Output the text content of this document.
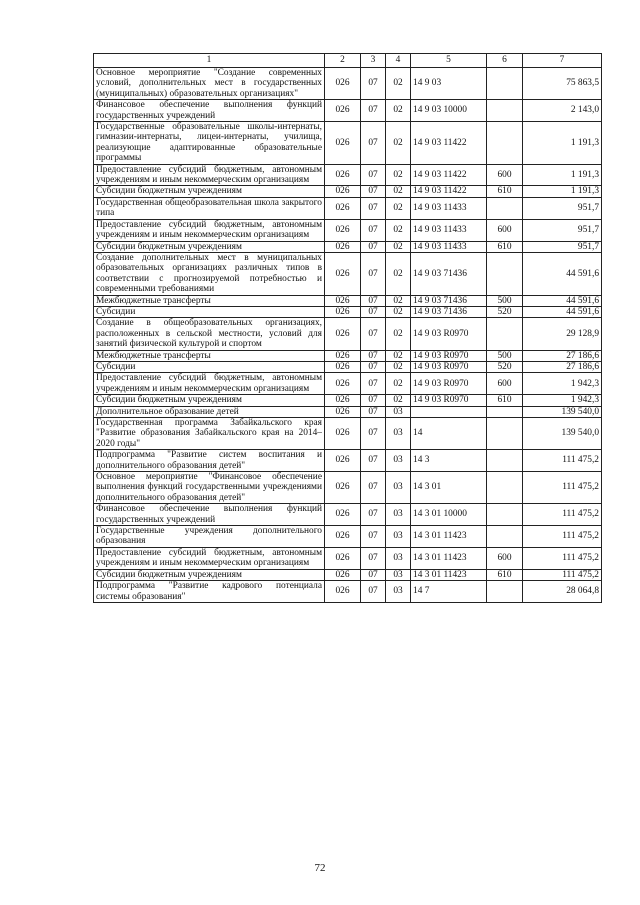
1	2	3	4	5	6	7
Основное мероприятие "Создание современных условий, дополнительных мест в государственных (муниципальных) образовательных организациях"	026	07	02	14 9 03		75 863,5
Финансовое обеспечение выполнения функций государственных учреждений	026	07	02	14 9 03 10000		2 143,0
Государственные образовательные школы-интернаты, гимназии-интернаты, лицеи-интернаты, училища, реализующие адаптированные образовательные программы	026	07	02	14 9 03 11422		1 191,3
Предоставление субсидий бюджетным, автономным учреждениям и иным некоммерческим организациям	026	07	02	14 9 03 11422	600	1 191,3
Субсидии бюджетным учреждениям	026	07	02	14 9 03 11422	610	1 191,3
Государственная общеобразовательная школа закрытого типа	026	07	02	14 9 03 11433		951,7
Предоставление субсидий бюджетным, автономным учреждениям и иным некоммерческим организациям	026	07	02	14 9 03 11433	600	951,7
Субсидии бюджетным учреждениям	026	07	02	14 9 03 11433	610	951,7
Создание дополнительных мест в муниципальных образовательных организациях различных типов в соответствии с прогнозируемой потребностью и современными требованиями	026	07	02	14 9 03 71436		44 591,6
Межбюджетные трансферты	026	07	02	14 9 03 71436	500	44 591,6
Субсидии	026	07	02	14 9 03 71436	520	44 591,6
Создание в общеобразовательных организациях, расположенных в сельской местности, условий для занятий физической культурой и спортом	026	07	02	14 9 03 R0970		29 128,9
Межбюджетные трансферты	026	07	02	14 9 03 R0970	500	27 186,6
Субсидии	026	07	02	14 9 03 R0970	520	27 186,6
Предоставление субсидий бюджетным, автономным учреждениям и иным некоммерческим организациям	026	07	02	14 9 03 R0970	600	1 942,3
Субсидии бюджетным учреждениям	026	07	02	14 9 03 R0970	610	1 942,3
Дополнительное образование детей	026	07	03			139 540,0
Государственная программа Забайкальского края "Развитие образования Забайкальского края на 2014–2020 годы"	026	07	03	14		139 540,0
Подпрограмма "Развитие систем воспитания и дополнительного образования детей"	026	07	03	14 3		111 475,2
Основное мероприятие "Финансовое обеспечение выполнения функций государственными учреждениями дополнительного образования детей"	026	07	03	14 3 01		111 475,2
Финансовое обеспечение выполнения функций государственных учреждений	026	07	03	14 3 01 10000		111 475,2
Государственные учреждения дополнительного образования	026	07	03	14 3 01 11423		111 475,2
Предоставление субсидий бюджетным, автономным учреждениям и иным некоммерческим организациям	026	07	03	14 3 01 11423	600	111 475,2
Субсидии бюджетным учреждениям	026	07	03	14 3 01 11423	610	111 475,2
Подпрограмма "Развитие кадрового потенциала системы образования"	026	07	03	14 7		28 064,8
72
